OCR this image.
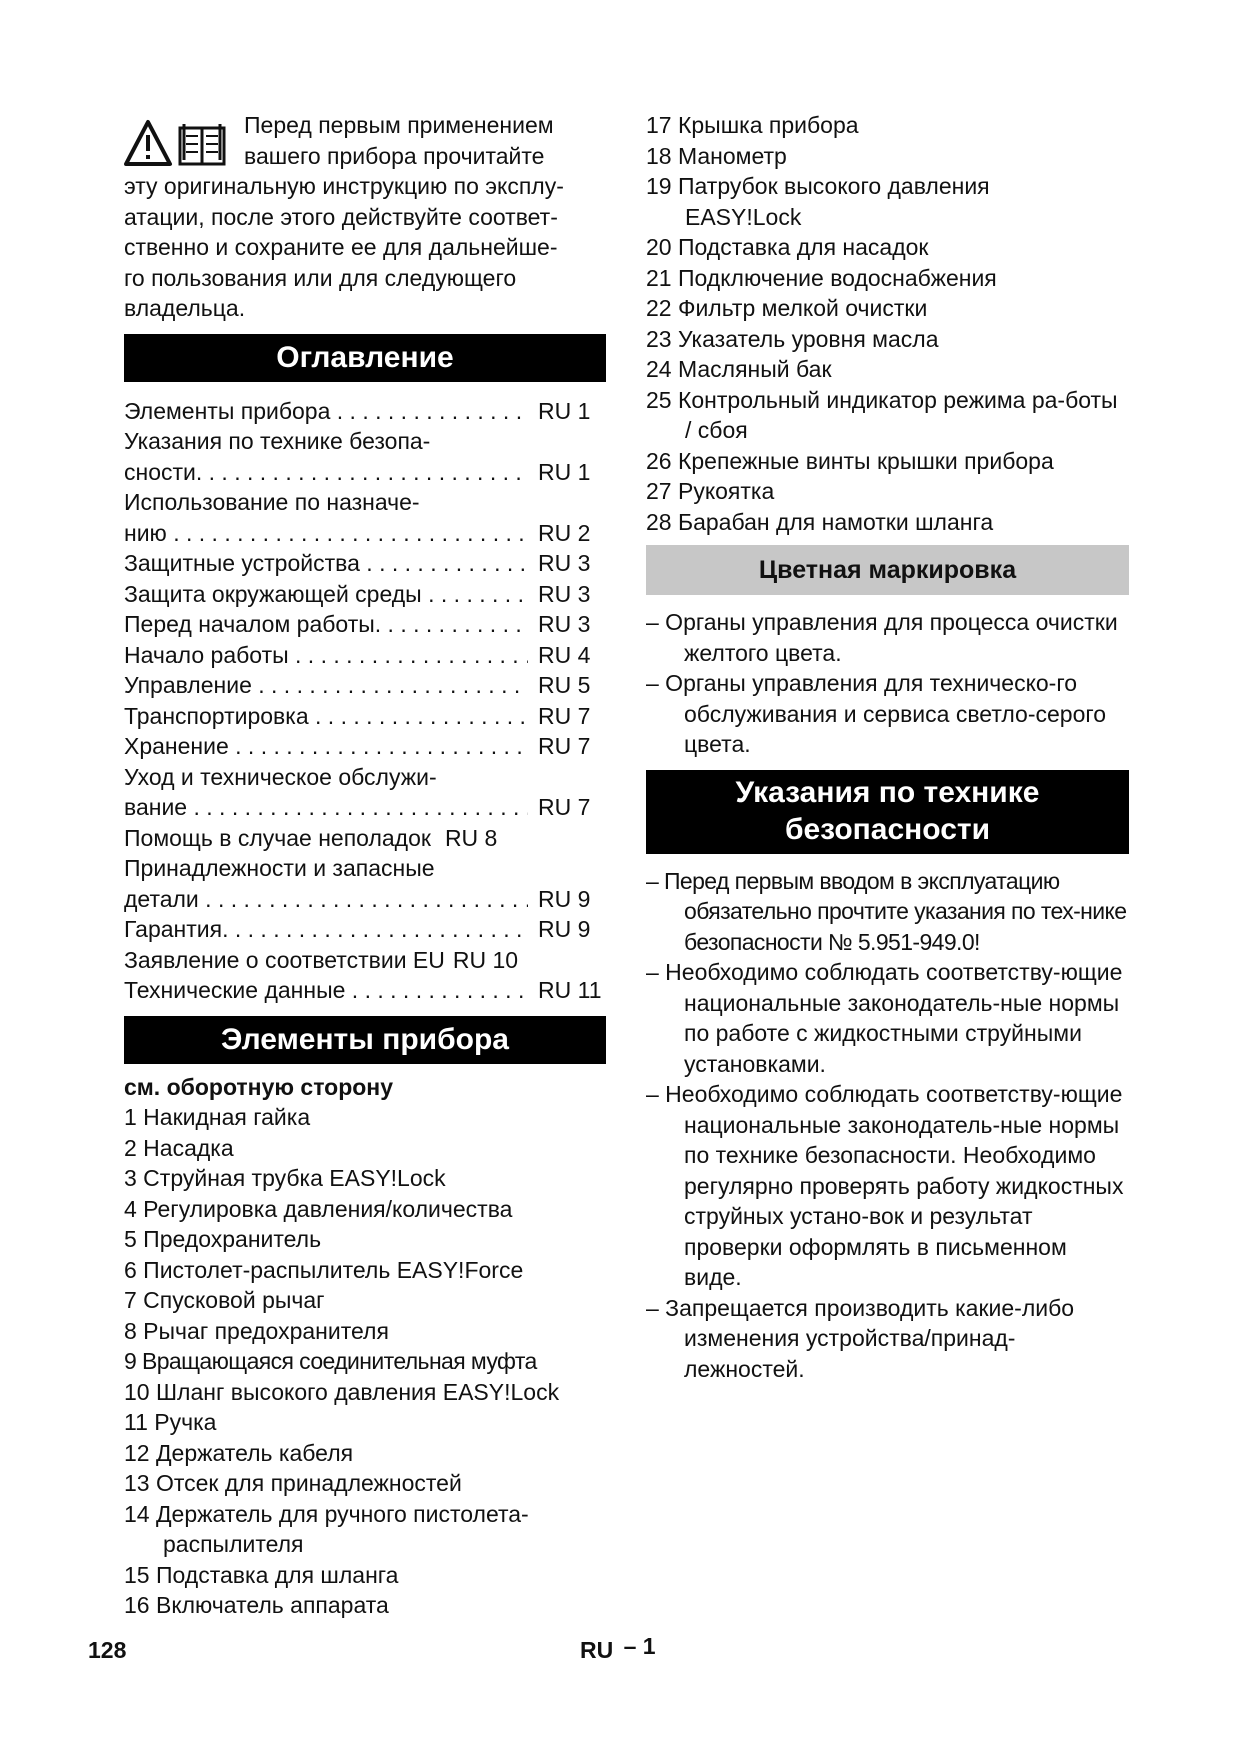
Перед первым применением
вашего прибора прочитайте
эту оригинальную инструкцию по эксплу-
атации, после этого действуйте соответ-
ственно и сохраните ее для дальнейше-
го пользования или для следующего
владельца.
Оглавление
Элементы прибора . . .	RU 1
Указания по технике безопа-
сности. . . .	RU 1
Использование по назначе-
нию . . .	RU 2
Защитные устройства . . .	RU 3
Защита окружающей среды . . .	RU 3
Перед началом работы. . . .	RU 3
Начало работы . . .	RU 4
Управление . . .	RU 5
Транспортировка . . .	RU 7
Хранение . . .	RU 7
Уход и техническое обслужи-
вание . . .	RU 7
Помощь в случае неполадок RU 8
Принадлежности и запасные
детали . . .	RU 9
Гарантия. . . .	RU 9
Заявление о соответствии EU RU 10
Технические данные . . .	RU 11
Элементы прибора
см. оборотную сторону
1 Накидная гайка
2 Насадка
3 Струйная трубка EASY!Lock
4 Регулировка давления/количества
5 Предохранитель
6 Пистолет-распылитель EASY!Force
7 Спусковой рычаг
8 Рычаг предохранителя
9 Вращающаяся соединительная муфта
10 Шланг высокого давления EASY!Lock
11 Ручка
12 Держатель кабеля
13 Отсек для принадлежностей
14 Держатель для ручного пистолета-распылителя
15 Подставка для шланга
16 Включатель аппарата
17 Крышка прибора
18 Манометр
19 Патрубок высокого давления EASY!Lock
20 Подставка для насадок
21 Подключение водоснабжения
22 Фильтр мелкой очистки
23 Указатель уровня масла
24 Масляный бак
25 Контрольный индикатор режима ра-боты / сбоя
26 Крепежные винты крышки прибора
27 Рукоятка
28 Барабан для намотки шланга
Цветная маркировка
– Органы управления для процесса очистки желтого цвета.
– Органы управления для техническо-го обслуживания и сервиса светло-серого цвета.
Указания по технике
безопасности
– Перед первым вводом в эксплуатацию обязательно прочтите указания по тех-нике безопасности № 5.951-949.0!
– Необходимо соблюдать соответству-ющие национальные законодатель-ные нормы по работе с жидкостными струйными установками.
– Необходимо соблюдать соответству-ющие национальные законодатель-ные нормы по технике безопасности. Необходимо регулярно проверять работу жидкостных струйных устано-вок и результат проверки оформлять в письменном виде.
– Запрещается производить какие-либо изменения устройства/принад-лежностей.
128	RU – 1
